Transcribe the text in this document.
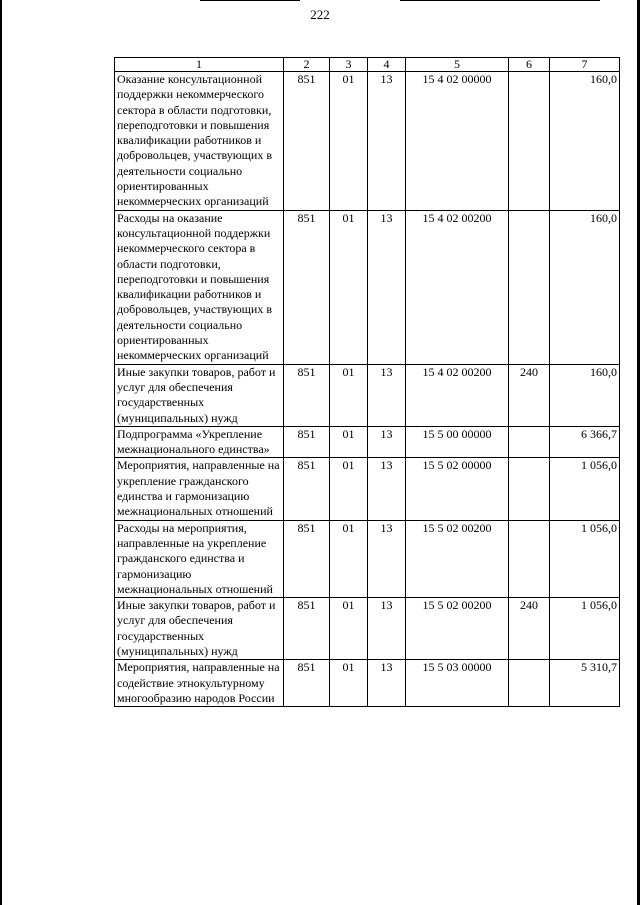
222
1	2	3	4	5	6	7
Оказание консультационной поддержки некоммерческого сектора в области подготовки, переподготовки и повышения квалификации работников и добровольцев, участвующих в деятельности социально ориентированных некоммерческих организаций	851	01	13	15 4 02 00000		160,0
Расходы на оказание консультационной поддержки некоммерческого сектора в области подготовки, переподготовки и повышения квалификации работников и добровольцев, участвующих в деятельности социально ориентированных некоммерческих организаций	851	01	13	15 4 02 00200		160,0
Иные закупки товаров, работ и услуг для обеспечения государственных (муниципальных) нужд	851	01	13	15 4 02 00200	240	160,0
Подпрограмма «Укрепление межнационального единства»	851	01	13	15 5 00 00000		6 366,7
Мероприятия, направленные на укрепление гражданского единства и гармонизацию межнациональных отношений	851	01	13	15 5 02 00000		1 056,0
Расходы на мероприятия, направленные на укрепление гражданского единства и гармонизацию межнациональных отношений	851	01	13	15 5 02 00200		1 056,0
Иные закупки товаров, работ и услуг для обеспечения государственных (муниципальных) нужд	851	01	13	15 5 02 00200	240	1 056,0
Мероприятия, направленные на содействие этнокультурному многообразию народов России	851	01	13	15 5 03 00000		5 310,7
